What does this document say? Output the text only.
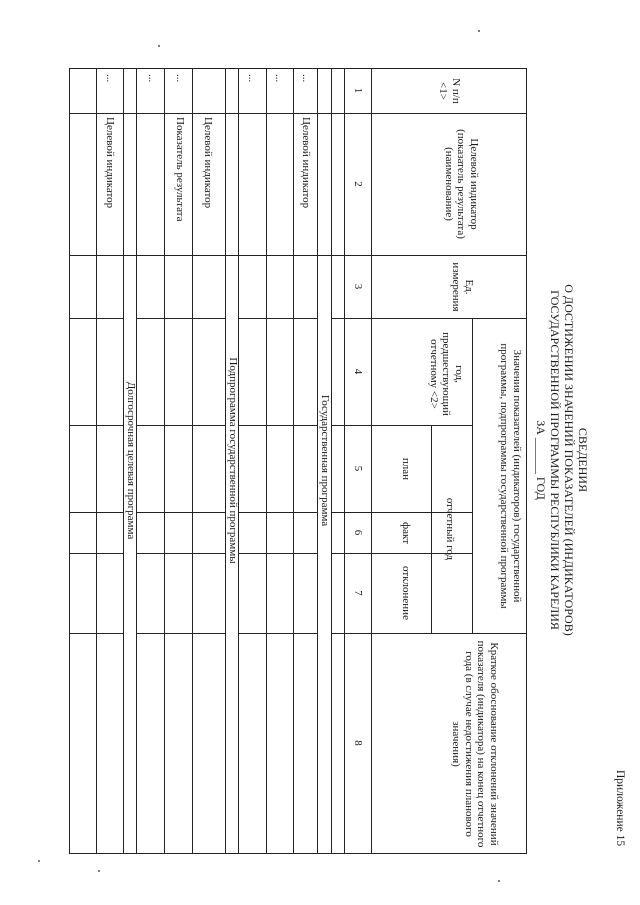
Приложение 15
СВЕДЕНИЯ
О ДОСТИЖЕНИИ ЗНАЧЕНИЙ ПОКАЗАТЕЛЕЙ (ИНДИКАТОРОВ)
ГОСУДАРСТВЕННОЙ ПРОГРАММЫ РЕСПУБЛИКИ КАРЕЛИЯ
ЗА ______ ГОД
N п/п <1>
Целевой индикатор (показатель результата) (наименование)
Ед. измерения
Значения показателей (индикаторов) государственной программы, подпрограммы государственной программы
год, предшествующий отчетному <2>
отчетный год
план
факт
отклонение
Краткое обоснование отклонений значений показателя (индикатора) на конец отчетного года (в случае недостижения планового значения)
1
2
3
4
5
6
7
8
Государственная программа
...
Целевой индикатор
...
...
Подпрограмма государственной программы
Целевой индикатор
...
Показатель результата
...
Долгосрочная целевая программа
...
Целевой индикатор
